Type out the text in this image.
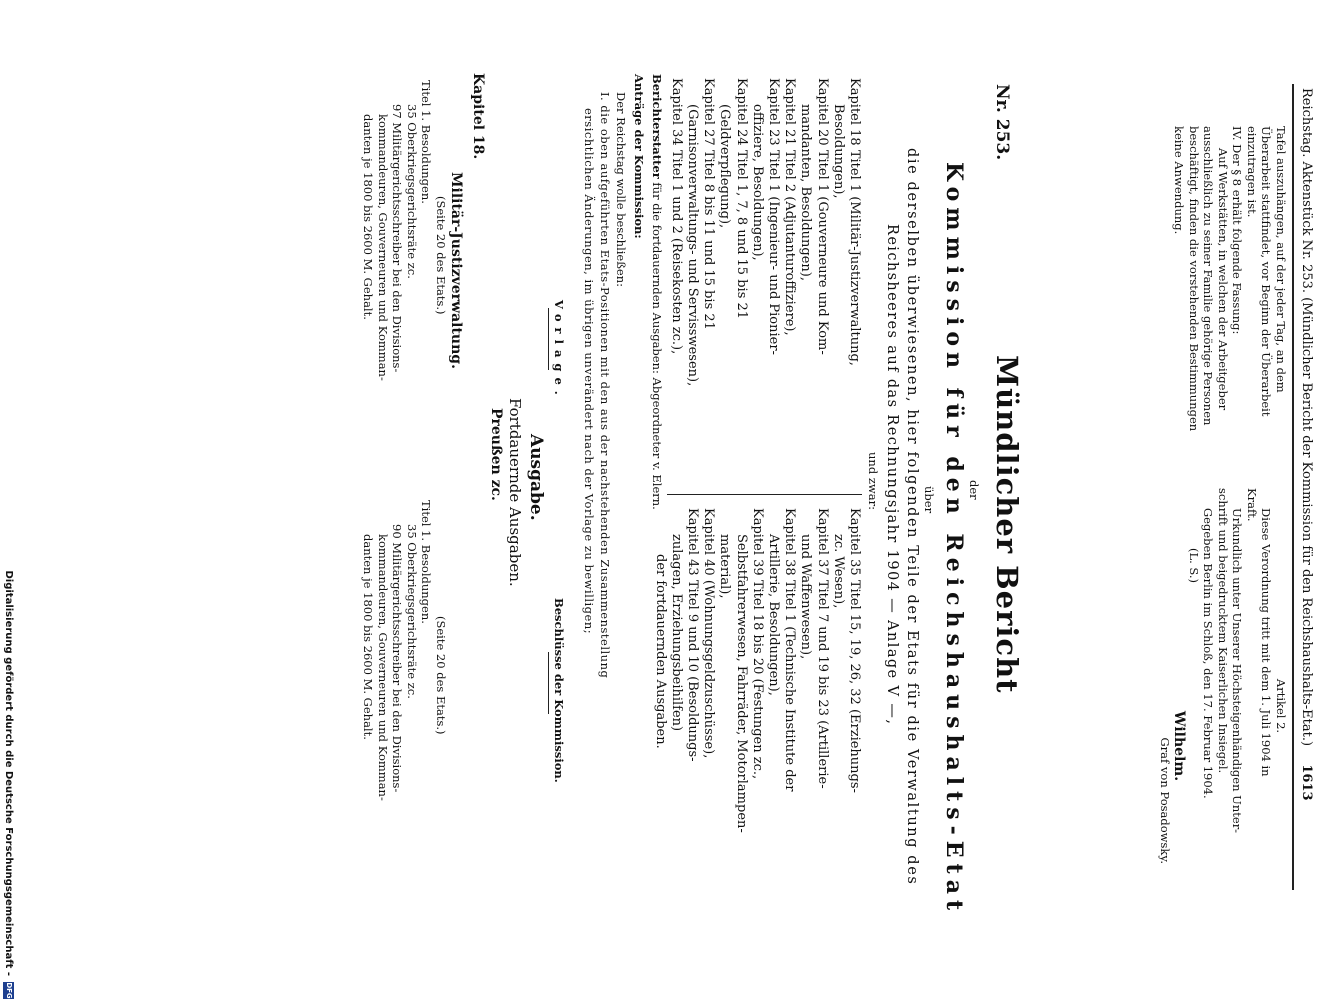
Reichstag. Aktenstück Nr. 253. (Mündlicher Bericht der Kommission für den Reichshaushalts-Etat.)  1613
Tafel auszuhängen, auf der jeder Tag, an dem
Überarbeit stattfindet, vor Beginn der Überarbeit
einzutragen ist.
IV. Der § 8 erhält folgende Fassung:
Auf Werkstätten, in welchen der Arbeitgeber
ausschließlich zu seiner Familie gehörige Personen
beschäftigt, finden die vorstehenden Bestimmungen
keine Anwendung.
Artikel 2.
Diese Verordnung tritt mit dem 1. Juli 1904 in
Kraft.
Urkundlich unter Unserer Höchsteigenhändigen Unter-
schrift und beigedrucktem Kaiserlichen Insiegel.
Gegeben Berlin im Schloß, den 17. Februar 1904.
(L. S.)
Wilhelm.
Graf von Posadowsky.
Nr. 253.
Mündlicher Bericht
der
Kommission für den Reichshaushalts-Etat
über
die derselben überwiesenen, hier folgenden Teile der Etats für die Verwaltung des
Reichsheeres auf das Rechnungsjahr 1904 — Anlage V —,
und zwar:
Kapitel 18 Titel 1 (Militär-Justizverwaltung,
Besoldungen),
Kapitel 20 Titel 1 (Gouverneure und Kom-
mandanten, Besoldungen),
Kapitel 21 Titel 2 (Adjutanturoffiziere),
Kapitel 23 Titel 1 (Ingenieur- und Pionier-
offiziere, Besoldungen),
Kapitel 24 Titel 1, 7, 8 und 15 bis 21
(Geldverpflegung),
Kapitel 27 Titel 8 bis 11 und 15 bis 21
(Garnisonverwaltungs- und Servisswesen),
Kapitel 34 Titel 1 und 2 (Reisekosten zc.),
Kapitel 35 Titel 15, 19, 26, 32 (Erziehungs-
zc. Wesen),
Kapitel 37 Titel 7 und 19 bis 23 (Artillerie-
und Waffenwesen),
Kapitel 38 Titel 1 (Technische Institute der
Artillerie, Besoldungen),
Kapitel 39 Titel 18 bis 20 (Festungen zc.,
Selbstfahrerwesen, Fahrräder, Motorlampen-
material),
Kapitel 40 (Wohnungsgeldzuschüsse),
Kapitel 43 Titel 9 und 10 (Besoldungs-
zulagen, Erziehungsbeihilfen)
der fortdauernden Ausgaben.
Berichterstatter für die fortdauernden Ausgaben: Abgeordneter v. Elern.
Anträge der Kommission:
Der Reichstag wolle beschließen:
I. die oben aufgeführten Etats-Positionen mit den aus der nachstehenden Zusammenstellung
ersichtlichen Änderungen, im übrigen unverändert nach der Vorlage zu bewilligen;
Vorlage.
Beschlüsse der Kommission.
Ausgabe.
Fortdauernde Ausgaben.
Preußen zc.
Kapitel 18.
Militär-Justizverwaltung.
(Seite 20 des Etats.)
Titel 1. Besoldungen.
35 Oberkriegsgerichtsräte zc.
97 Militärgerichtsschreiber bei den Divisions-
kommandeuren, Gouverneuren und Komman-
danten je 1800 bis 2600 M. Gehalt.
(Seite 20 des Etats.)
Titel 1. Besoldungen.
35 Oberkriegsgerichtsräte zc.
90 Militärgerichtsschreiber bei den Divisions-
kommandeuren, Gouverneuren und Komman-
danten je 1800 bis 2600 M. Gehalt.
Digitalisierung gefördert durch die Deutsche Forschungsgemeinschaft -
DFG
